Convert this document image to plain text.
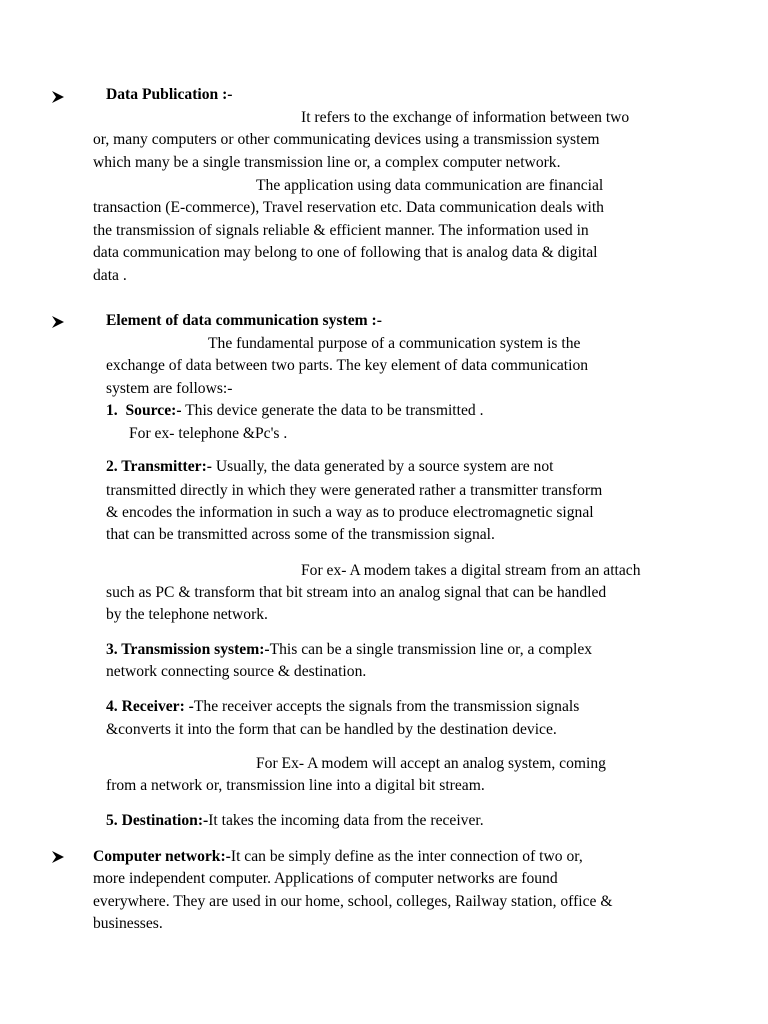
Data Publication :-
It refers to the exchange of information between two
or, many computers or other communicating devices using a transmission system
which many be a single transmission line or, a complex computer network.
The application using data communication are financial
transaction (E-commerce), Travel reservation etc. Data communication deals with
the transmission of signals reliable & efficient manner. The information used in
data communication may belong to one of following that is analog data & digital
data .
Element of data communication system :-
The fundamental purpose of a communication system is the
exchange of data between two parts. The key element of data communication
system are follows:-
1. Source:- This device generate the data to be transmitted .
For ex- telephone &Pc's .
2. Transmitter:- Usually, the data generated by a source system are not
transmitted directly in which they were generated rather a transmitter transform
& encodes the information in such a way as to produce electromagnetic signal
that can be transmitted across some of the transmission signal.
For ex- A modem takes a digital stream from an attach
such as PC & transform that bit stream into an analog signal that can be handled
by the telephone network.
3. Transmission system:-This can be a single transmission line or, a complex
network connecting source & destination.
4. Receiver: -The receiver accepts the signals from the transmission signals
&converts it into the form that can be handled by the destination device.
For Ex- A modem will accept an analog system, coming
from a network or, transmission line into a digital bit stream.
5. Destination:-It takes the incoming data from the receiver.
Computer network:-It can be simply define as the inter connection of two or,
more independent computer. Applications of computer networks are found
everywhere. They are used in our home, school, colleges, Railway station, office &
businesses.
